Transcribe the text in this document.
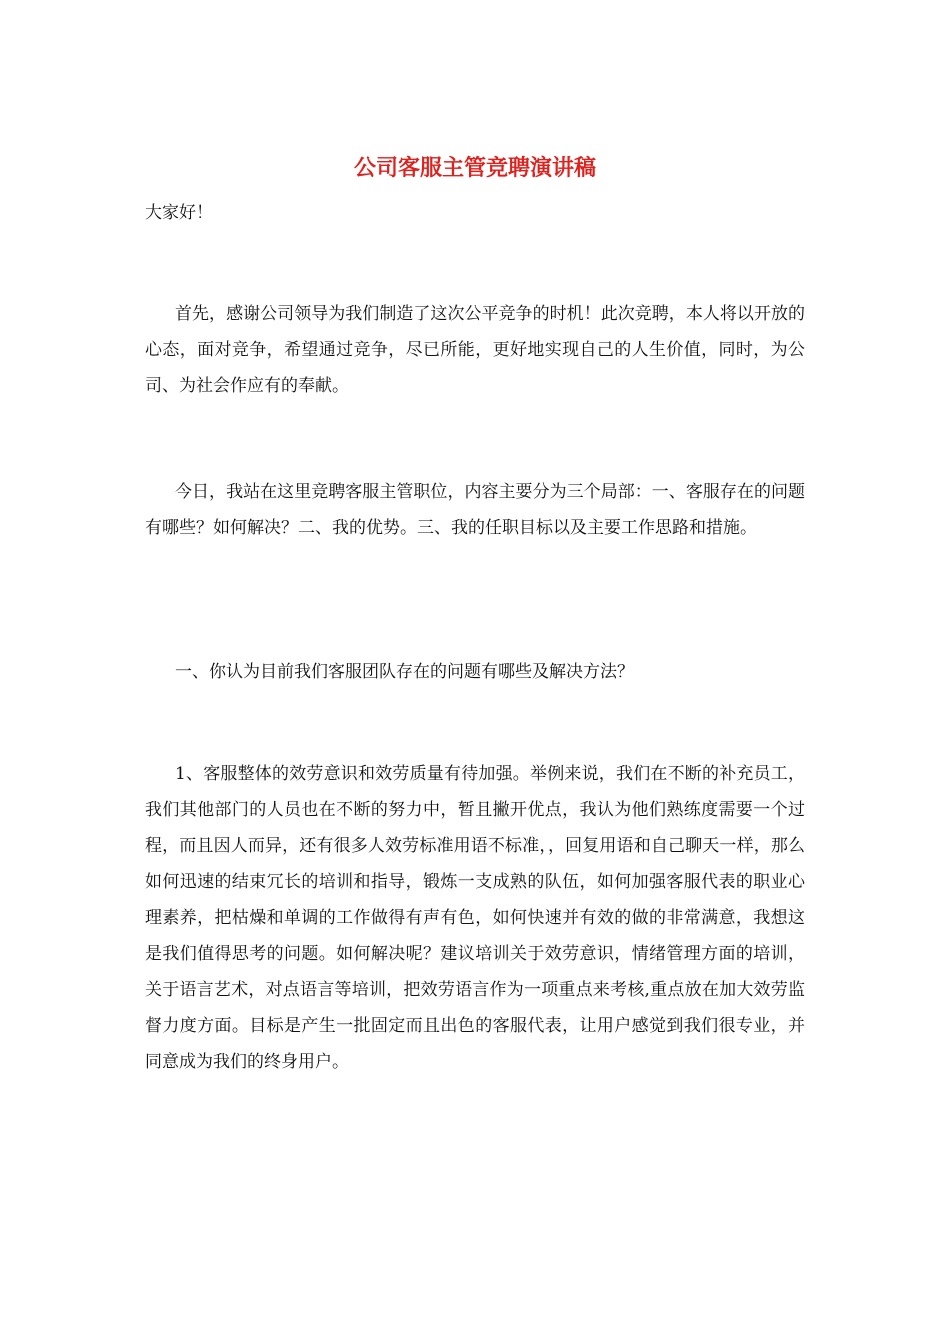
公司客服主管竞聘演讲稿

大家好！

首先，感谢公司领导为我们制造了这次公平竞争的时机！此次竞聘，本人将以开放的心态，面对竞争，希望通过竞争，尽已所能，更好地实现自己的人生价值，同时，为公司、为社会作应有的奉献。

今日，我站在这里竞聘客服主管职位，内容主要分为三个局部：一、客服存在的问题有哪些？如何解决？二、我的优势。三、我的任职目标以及主要工作思路和措施。

一、你认为目前我们客服团队存在的问题有哪些及解决方法？

1、客服整体的效劳意识和效劳质量有待加强。举例来说，我们在不断的补充员工，我们其他部门的人员也在不断的努力中，暂且撇开优点，我认为他们熟练度需要一个过程，而且因人而异，还有很多人效劳标准用语不标准，，回复用语和自己聊天一样，那么如何迅速的结束冗长的培训和指导，锻炼一支成熟的队伍，如何加强客服代表的职业心理素养，把枯燥和单调的工作做得有声有色，如何快速并有效的做的非常满意，我想这是我们值得思考的问题。如何解决呢？建议培训关于效劳意识，情绪管理方面的培训，关于语言艺术，对点语言等培训，把效劳语言作为一项重点来考核,重点放在加大效劳监督力度方面。目标是产生一批固定而且出色的客服代表，让用户感觉到我们很专业，并同意成为我们的终身用户。
